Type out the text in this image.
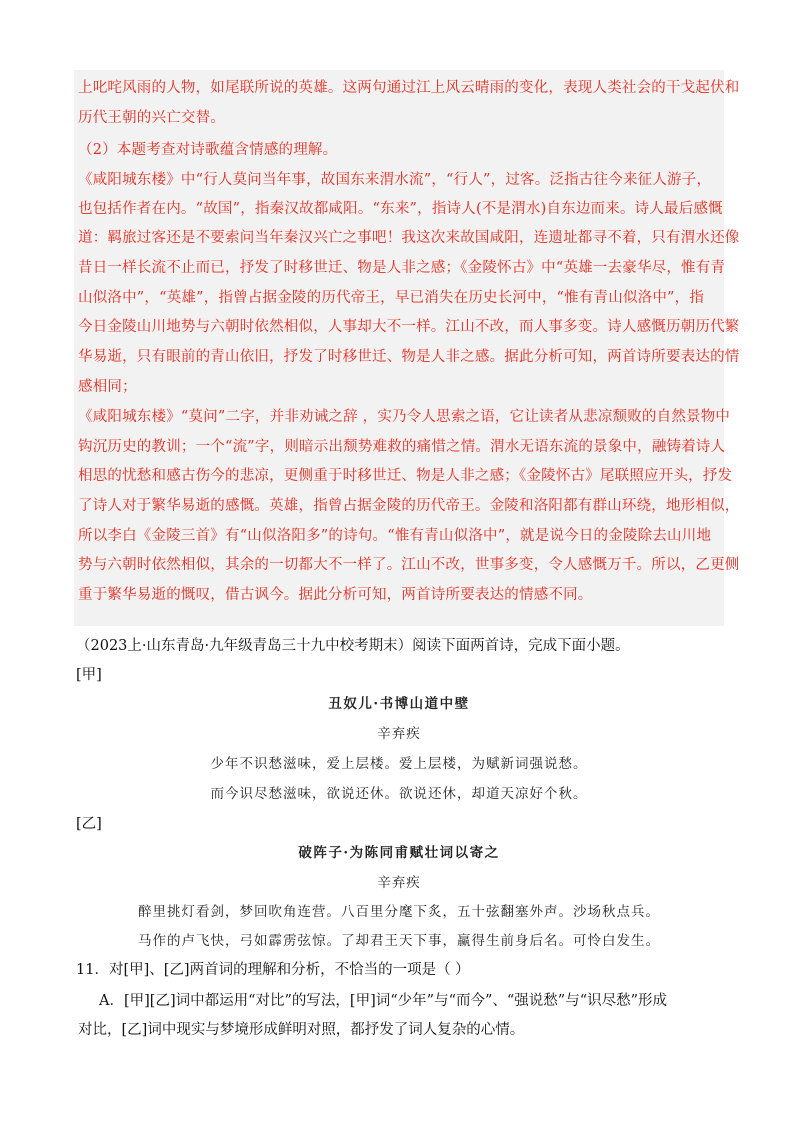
上叱咤风雨的人物，如尾联所说的英雄。这两句通过江上风云晴雨的变化，表现人类社会的干戈起伏和
历代王朝的兴亡交替。
（2）本题考查对诗歌蕴含情感的理解。
《咸阳城东楼》中“行人莫问当年事，故国东来渭水流”，“行人”，过客。泛指古往今来征人游子，
也包括作者在内。“故国”，指秦汉故都咸阳。“东来”，指诗人(不是渭水)自东边而来。诗人最后感慨
道：羁旅过客还是不要索问当年秦汉兴亡之事吧！我这次来故国咸阳，连遗址都寻不着，只有渭水还像
昔日一样长流不止而已，抒发了时移世迁、物是人非之感；《金陵怀古》中“英雄一去豪华尽，惟有青
山似洛中”，“英雄”，指曾占据金陵的历代帝王，早已消失在历史长河中，“惟有青山似洛中”，指
今日金陵山川地势与六朝时依然相似，人事却大不一样。江山不改，而人事多变。诗人感慨历朝历代繁
华易逝，只有眼前的青山依旧，抒发了时移世迁、物是人非之感。据此分析可知，两首诗所要表达的情
感相同；
《咸阳城东楼》“莫问”二字，并非劝诫之辞 ，实乃令人思索之语，它让读者从悲凉颓败的自然景物中
钩沉历史的教训；一个“流”字，则暗示出颓势难救的痛惜之情。渭水无语东流的景象中，融铸着诗人
相思的忧愁和感古伤今的悲凉，更侧重于时移世迁、物是人非之感；《金陵怀古》尾联照应开头，抒发
了诗人对于繁华易逝的感慨。英雄，指曾占据金陵的历代帝王。金陵和洛阳都有群山环绕，地形相似，
所以李白《金陵三首》有“山似洛阳多”的诗句。“惟有青山似洛中”，就是说今日的金陵除去山川地
势与六朝时依然相似，其余的一切都大不一样了。江山不改，世事多变，令人感慨万千。所以，乙更侧
重于繁华易逝的慨叹，借古讽今。据此分析可知，两首诗所要表达的情感不同。
（2023上·山东青岛·九年级青岛三十九中校考期末）阅读下面两首诗，完成下面小题。
[甲]
丑奴儿·书博山道中壁
辛弃疾
少年不识愁滋味，爱上层楼。爱上层楼，为赋新词强说愁。
而今识尽愁滋味，欲说还休。欲说还休，却道天凉好个秋。
[乙]
破阵子·为陈同甫赋壮词以寄之
辛弃疾
醉里挑灯看剑，梦回吹角连营。八百里分麾下炙，五十弦翻塞外声。沙场秋点兵。
马作的卢飞快，弓如霹雳弦惊。了却君王天下事，赢得生前身后名。可怜白发生。
11．对[甲]、[乙]两首词的理解和分析，不恰当的一项是（ ）
A．[甲][乙]词中都运用“对比”的写法，[甲]词“少年”与“而今”、“强说愁”与“识尽愁”形成
对比，[乙]词中现实与梦境形成鲜明对照，都抒发了词人复杂的心情。
